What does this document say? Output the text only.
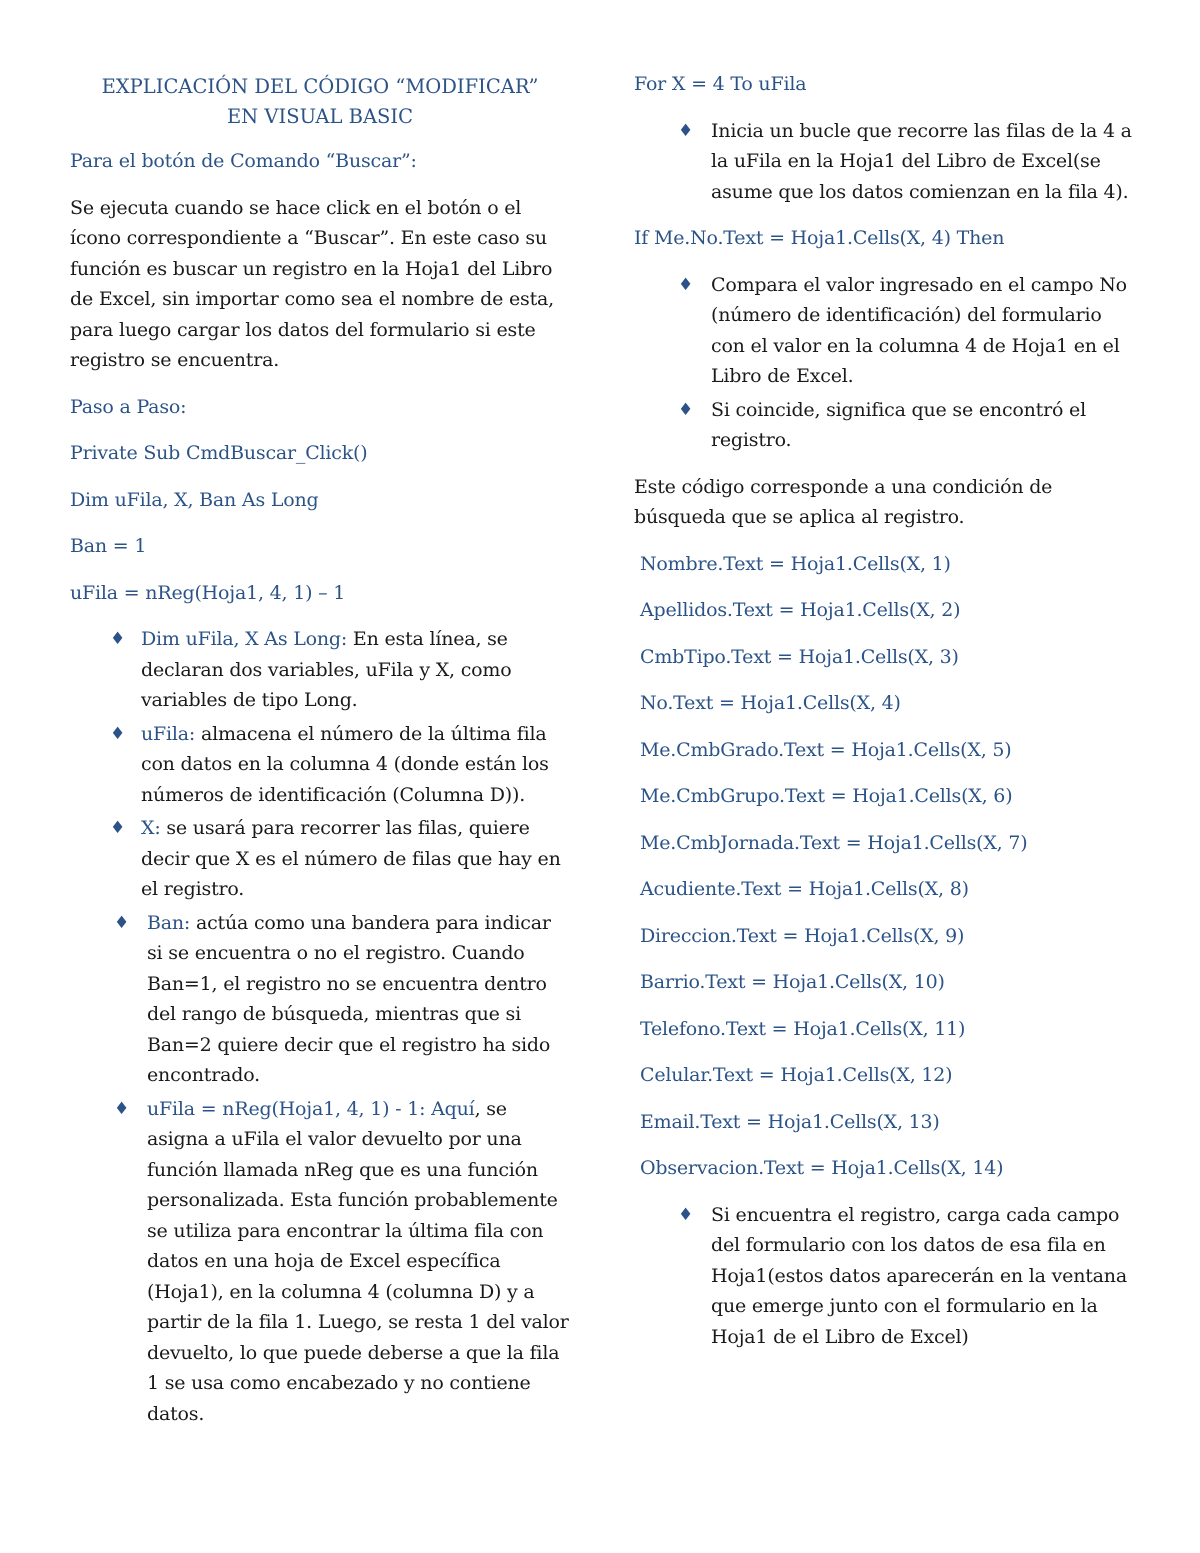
EXPLICACIÓN DEL CÓDIGO “MODIFICAR”
EN VISUAL BASIC

Para el botón de Comando “Buscar”:

Se ejecuta cuando se hace click en el botón o el ícono correspondiente a “Buscar”. En este caso su función es buscar un registro en la Hoja1 del Libro de Excel, sin importar como sea el nombre de esta, para luego cargar los datos del formulario si este registro se encuentra.

Paso a Paso:

Private Sub CmdBuscar_Click()

Dim uFila, X, Ban As Long

Ban = 1

uFila = nReg(Hoja1, 4, 1) – 1

♦ Dim uFila, X As Long: En esta línea, se declaran dos variables, uFila y X, como variables de tipo Long.
♦ uFila: almacena el número de la última fila con datos en la columna 4 (donde están los números de identificación (Columna D)).
♦ X: se usará para recorrer las filas, quiere decir que X es el número de filas que hay en el registro.
♦ Ban: actúa como una bandera para indicar si se encuentra o no el registro. Cuando Ban=1, el registro no se encuentra dentro del rango de búsqueda, mientras que si Ban=2 quiere decir que el registro ha sido encontrado.
♦ uFila = nReg(Hoja1, 4, 1) - 1: Aquí, se asigna a uFila el valor devuelto por una función llamada nReg que es una función personalizada. Esta función probablemente se utiliza para encontrar la última fila con datos en una hoja de Excel específica (Hoja1), en la columna 4 (columna D) y a partir de la fila 1. Luego, se resta 1 del valor devuelto, lo que puede deberse a que la fila 1 se usa como encabezado y no contiene datos.

For X = 4 To uFila

♦ Inicia un bucle que recorre las filas de la 4 a la uFila en la Hoja1 del Libro de Excel(se asume que los datos comienzan en la fila 4).

If Me.No.Text = Hoja1.Cells(X, 4) Then

♦ Compara el valor ingresado en el campo No (número de identificación) del formulario con el valor en la columna 4 de Hoja1 en el Libro de Excel.
♦ Si coincide, significa que se encontró el registro.

Este código corresponde a una condición de búsqueda que se aplica al registro.

Nombre.Text = Hoja1.Cells(X, 1)

Apellidos.Text = Hoja1.Cells(X, 2)

CmbTipo.Text = Hoja1.Cells(X, 3)

No.Text = Hoja1.Cells(X, 4)

Me.CmbGrado.Text = Hoja1.Cells(X, 5)

Me.CmbGrupo.Text = Hoja1.Cells(X, 6)

Me.CmbJornada.Text = Hoja1.Cells(X, 7)

Acudiente.Text = Hoja1.Cells(X, 8)

Direccion.Text = Hoja1.Cells(X, 9)

Barrio.Text = Hoja1.Cells(X, 10)

Telefono.Text = Hoja1.Cells(X, 11)

Celular.Text = Hoja1.Cells(X, 12)

Email.Text = Hoja1.Cells(X, 13)

Observacion.Text = Hoja1.Cells(X, 14)

♦ Si encuentra el registro, carga cada campo del formulario con los datos de esa fila en Hoja1(estos datos aparecerán en la ventana que emerge junto con el formulario en la Hoja1 de el Libro de Excel)
